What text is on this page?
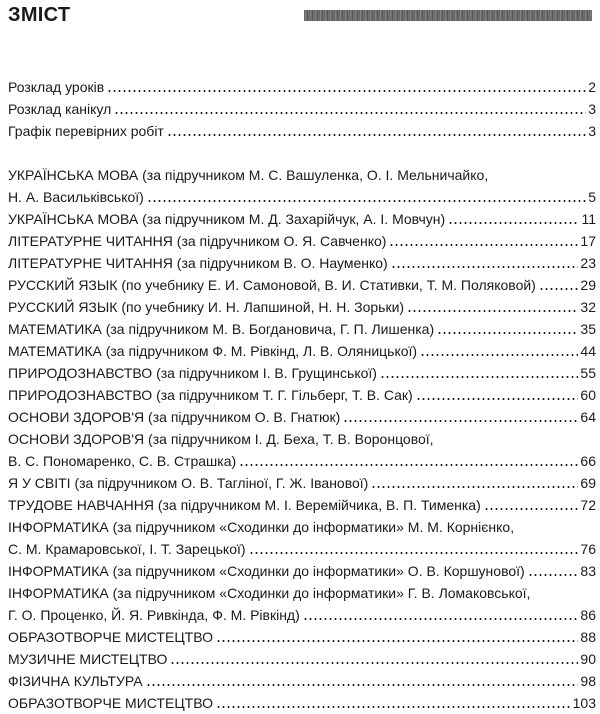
ЗМІСТ
Розклад уроків	2
Розклад канікул	3
Графік перевірних робіт	3
УКРАЇНСЬКА МОВА (за підручником М. С. Вашуленка, О. І. Мельничайко,
Н. А. Васильківської)	5
УКРАЇНСЬКА МОВА (за підручником М. Д. Захарійчук, А. І. Мовчун)	11
ЛІТЕРАТУРНЕ ЧИТАННЯ (за підручником О. Я. Савченко)	17
ЛІТЕРАТУРНЕ ЧИТАННЯ (за підручником В. О. Науменко)	23
РУССКИЙ ЯЗЫК (по учебнику Е. И. Самоновой, В. И. Стативки, Т. М. Поляковой)	29
РУССКИЙ ЯЗЫК (по учебнику И. Н. Лапшиной, Н. Н. Зорьки)	32
МАТЕМАТИКА (за підручником М. В. Богдановича, Г. П. Лишенка)	35
МАТЕМАТИКА (за підручником Ф. М. Рівкінд, Л. В. Оляницької)	44
ПРИРОДОЗНАВСТВО (за підручником І. В. Грущинської)	55
ПРИРОДОЗНАВСТВО (за підручником Т. Г. Гільберг, Т. В. Сак)	60
ОСНОВИ ЗДОРОВ'Я (за підручником О. В. Гнатюк)	64
ОСНОВИ ЗДОРОВ'Я (за підручником І. Д. Беха, Т. В. Воронцової,
В. С. Пономаренко, С. В. Страшка)	66
Я У СВІТІ (за підручником О. В. Тагліної, Г. Ж. Іванової)	69
ТРУДОВЕ НАВЧАННЯ (за підручником М. І. Веремійчика, В. П. Тименка)	72
ІНФОРМАТИКА (за підручником «Сходинки до інформатики» М. М. Корнієнко,
С. М. Крамаровської, І. Т. Зарецької)	76
ІНФОРМАТИКА (за підручником «Сходинки до інформатики» О. В. Коршунової)	83
ІНФОРМАТИКА (за підручником «Сходинки до інформатики» Г. В. Ломаковської,
Г. О. Проценко, Й. Я. Ривкінда, Ф. М. Рівкінд)	86
ОБРАЗОТВОРЧЕ МИСТЕЦТВО	88
МУЗИЧНЕ МИСТЕЦТВО	90
ФІЗИЧНА КУЛЬТУРА	98
ОБРАЗОТВОРЧЕ МИСТЕЦТВО	103
